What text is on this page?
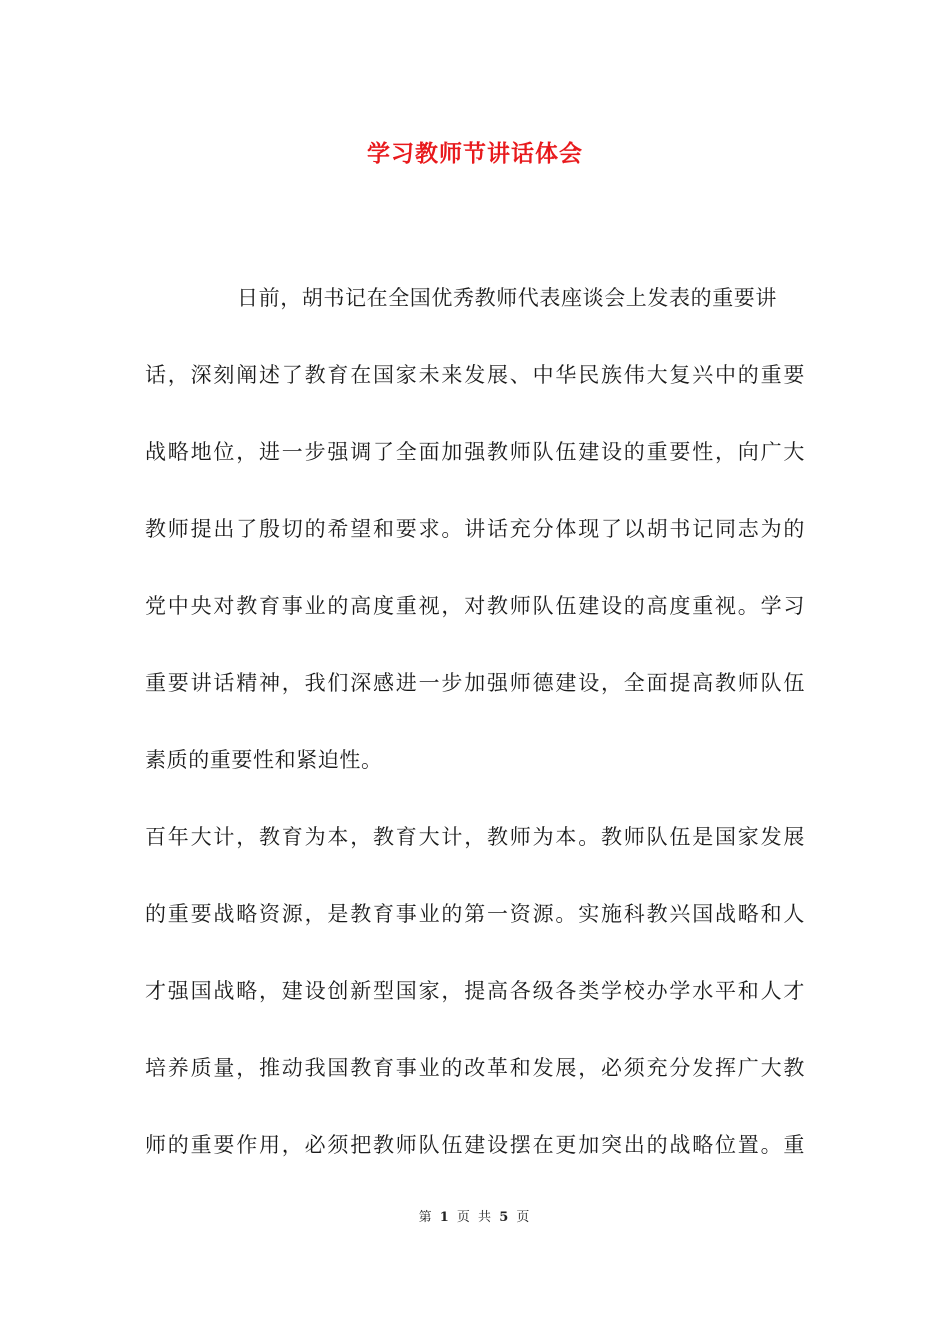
学习教师节讲话体会
日前，胡书记在全国优秀教师代表座谈会上发表的重要讲
话，深刻阐述了教育在国家未来发展、中华民族伟大复兴中的重要
战略地位，进一步强调了全面加强教师队伍建设的重要性，向广大
教师提出了殷切的希望和要求。讲话充分体现了以胡书记同志为的
党中央对教育事业的高度重视，对教师队伍建设的高度重视。学习
重要讲话精神，我们深感进一步加强师德建设，全面提高教师队伍
素质的重要性和紧迫性。
百年大计，教育为本，教育大计，教师为本。教师队伍是国家发展
的重要战略资源，是教育事业的第一资源。实施科教兴国战略和人
才强国战略，建设创新型国家，提高各级各类学校办学水平和人才
培养质量，推动我国教育事业的改革和发展，必须充分发挥广大教
师的重要作用，必须把教师队伍建设摆在更加突出的战略位置。重
第 1 页 共 5 页
